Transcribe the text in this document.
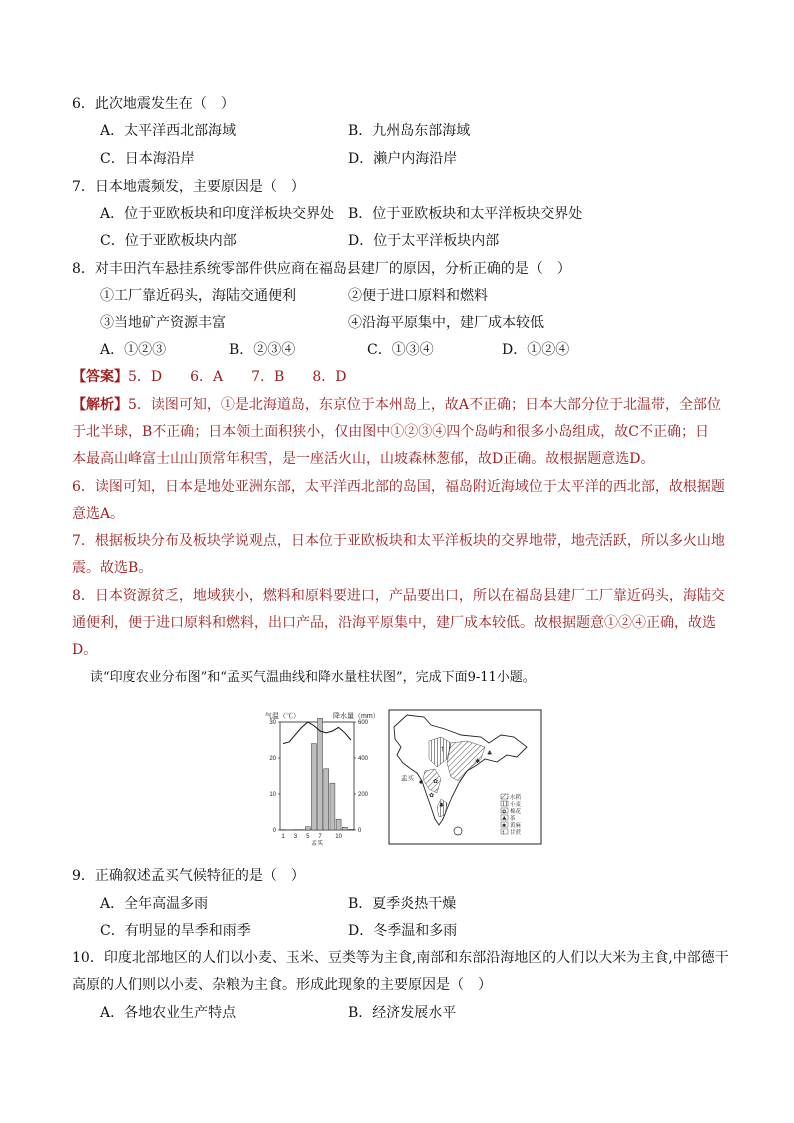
6．此次地震发生在（　）
A．太平洋西北部海域	B．九州岛东部海域
C．日本海沿岸	D．濑户内海沿岸
7．日本地震频发，主要原因是（　）
A．位于亚欧板块和印度洋板块交界处 B．位于亚欧板块和太平洋板块交界处
C．位于亚欧板块内部	D．位于太平洋板块内部
8．对丰田汽车悬挂系统零部件供应商在福岛县建厂的原因，分析正确的是（　）
①工厂靠近码头，海陆交通便利	②便于进口原料和燃料
③当地矿产资源丰富	④沿海平原集中，建厂成本较低
A．①②③	B．②③④	C．①③④	D．①②④
【答案】5．D　　6．A　　7．B　　8．D
【解析】5．读图可知，①是北海道岛，东京位于本州岛上，故A不正确；日本大部分位于北温带，全部位
于北半球，B不正确；日本领土面积狭小，仅由图中①②③④四个岛屿和很多小岛组成，故C不正确；日
本最高山峰富士山山顶常年积雪，是一座活火山，山坡森林葱郁，故D正确。故根据题意选D。
6．读图可知，日本是地处亚洲东部，太平洋西北部的岛国，福岛附近海域位于太平洋的西北部，故根据题
意选A。
7．根据板块分布及板块学说观点，日本位于亚欧板块和太平洋板块的交界地带，地壳活跃，所以多火山地
震。故选B。
8．日本资源贫乏，地域狭小，燃料和原料要进口，产品要出口，所以在福岛县建厂工厂靠近码头，海陆交
通便利，便于进口原料和燃料，出口产品，沿海平原集中，建厂成本较低。故根据题意①②④正确，故选
D。
读“印度农业分布图”和“孟买气温曲线和降水量柱状图”，完成下面9-11小题。
气温（℃）	降水量（mm）
30
20
10
0
600
400
200
0
1 3 5 7 10
孟买
✿
✿
♣
♣
✱
†
孟买
水稻
小麦
✿ 棉花
♣ 茶
✱ 黄麻
† 甘蔗
9．正确叙述孟买气候特征的是（　）
A．全年高温多雨	B．夏季炎热干燥
C．有明显的旱季和雨季	D．冬季温和多雨
10．印度北部地区的人们以小麦、玉米、豆类等为主食,南部和东部沿海地区的人们以大米为主食,中部德干
高原的人们则以小麦、杂粮为主食。形成此现象的主要原因是（　）
A．各地农业生产特点	B．经济发展水平
